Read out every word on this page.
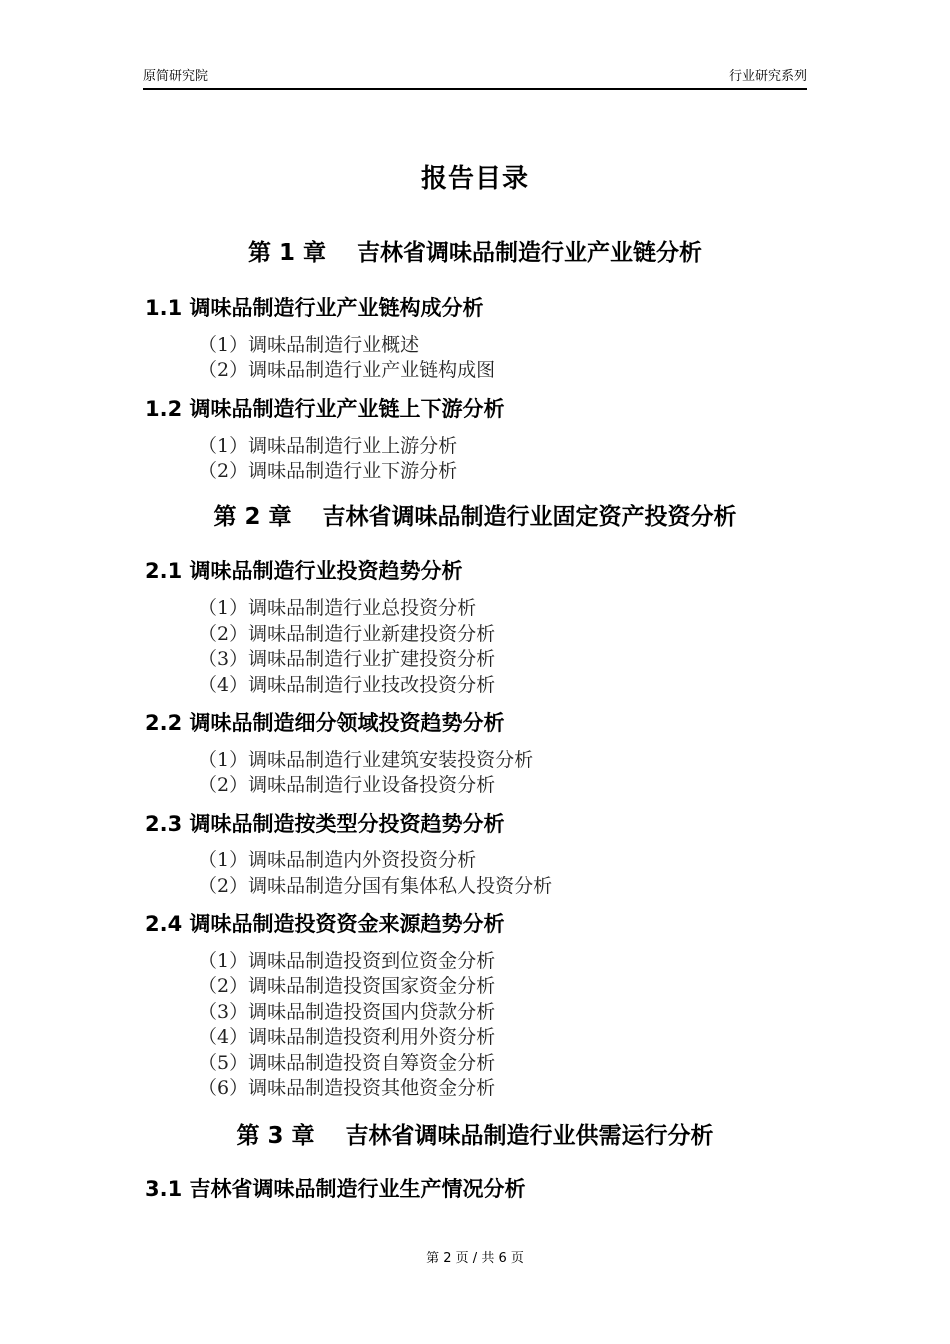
原简研究院	行业研究系列
报告目录
第 1 章　 吉林省调味品制造行业产业链分析
1.1 调味品制造行业产业链构成分析
（1）调味品制造行业概述
（2）调味品制造行业产业链构成图
1.2 调味品制造行业产业链上下游分析
（1）调味品制造行业上游分析
（2）调味品制造行业下游分析
第 2 章　 吉林省调味品制造行业固定资产投资分析
2.1 调味品制造行业投资趋势分析
（1）调味品制造行业总投资分析
（2）调味品制造行业新建投资分析
（3）调味品制造行业扩建投资分析
（4）调味品制造行业技改投资分析
2.2 调味品制造细分领域投资趋势分析
（1）调味品制造行业建筑安装投资分析
（2）调味品制造行业设备投资分析
2.3 调味品制造按类型分投资趋势分析
（1）调味品制造内外资投资分析
（2）调味品制造分国有集体私人投资分析
2.4 调味品制造投资资金来源趋势分析
（1）调味品制造投资到位资金分析
（2）调味品制造投资国家资金分析
（3）调味品制造投资国内贷款分析
（4）调味品制造投资利用外资分析
（5）调味品制造投资自筹资金分析
（6）调味品制造投资其他资金分析
第 3 章　 吉林省调味品制造行业供需运行分析
3.1 吉林省调味品制造行业生产情况分析
第 2 页 / 共 6 页
